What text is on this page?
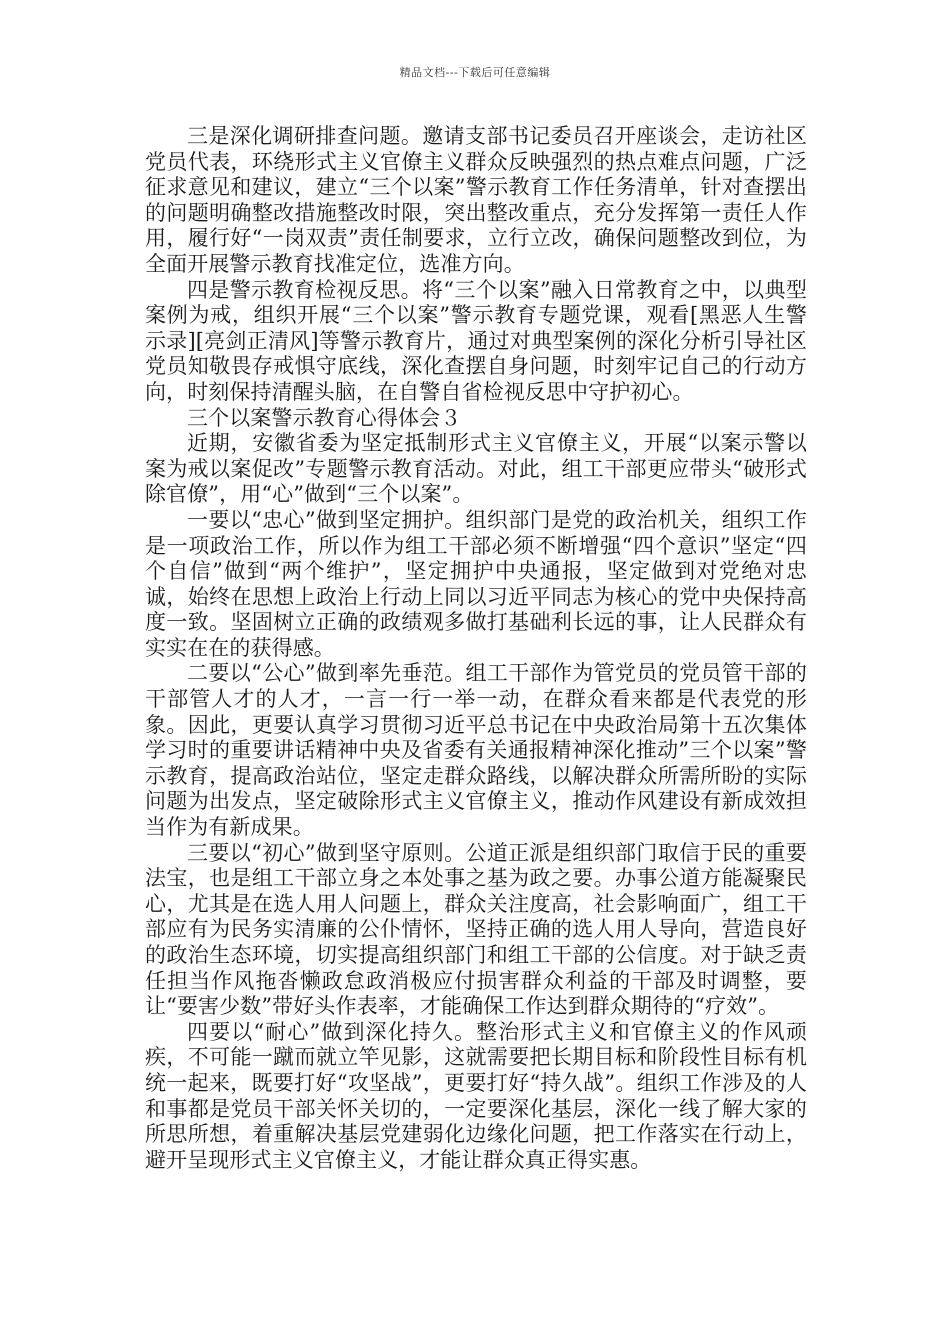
精品文档---下载后可任意编辑

三是深化调研排查问题。邀请支部书记委员召开座谈会，走访社区党员代表，环绕形式主义官僚主义群众反映强烈的热点难点问题，广泛征求意见和建议，建立“三个以案”警示教育工作任务清单，针对查摆出的问题明确整改措施整改时限，突出整改重点，充分发挥第一责任人作用，履行好“一岗双责”责任制要求，立行立改，确保问题整改到位，为全面开展警示教育找准定位，选准方向。

四是警示教育检视反思。将“三个以案”融入日常教育之中，以典型案例为戒，组织开展“三个以案”警示教育专题党课，观看[黑恶人生警示录][亮剑正清风]等警示教育片，通过对典型案例的深化分析引导社区党员知敬畏存戒惧守底线，深化查摆自身问题，时刻牢记自己的行动方向，时刻保持清醒头脑，在自警自省检视反思中守护初心。

三个以案警示教育心得体会３

近期，安徽省委为坚定抵制形式主义官僚主义，开展“以案示警以案为戒以案促改”专题警示教育活动。对此，组工干部更应带头“破形式除官僚”，用“心”做到“三个以案”。

一要以“忠心”做到坚定拥护。组织部门是党的政治机关，组织工作是一项政治工作，所以作为组工干部必须不断增强“四个意识”坚定“四个自信”做到“两个维护”，坚定拥护中央通报，坚定做到对党绝对忠诚，始终在思想上政治上行动上同以习近平同志为核心的党中央保持高度一致。坚固树立正确的政绩观多做打基础利长远的事，让人民群众有实实在在的获得感。

二要以“公心”做到率先垂范。组工干部作为管党员的党员管干部的干部管人才的人才，一言一行一举一动，在群众看来都是代表党的形象。因此，更要认真学习贯彻习近平总书记在中央政治局第十五次集体学习时的重要讲话精神中央及省委有关通报精神深化推动”三个以案”警示教育，提高政治站位，坚定走群众路线，以解决群众所需所盼的实际问题为出发点，坚定破除形式主义官僚主义，推动作风建设有新成效担当作为有新成果。

三要以“初心”做到坚守原则。公道正派是组织部门取信于民的重要法宝，也是组工干部立身之本处事之基为政之要。办事公道方能凝聚民心，尤其是在选人用人问题上，群众关注度高，社会影响面广，组工干部应有为民务实清廉的公仆情怀，坚持正确的选人用人导向，营造良好的政治生态环境，切实提高组织部门和组工干部的公信度。对于缺乏责任担当作风拖沓懒政怠政消极应付损害群众利益的干部及时调整，要让“要害少数”带好头作表率，才能确保工作达到群众期待的“疗效”。

四要以“耐心”做到深化持久。整治形式主义和官僚主义的作风顽疾，不可能一蹴而就立竿见影，这就需要把长期目标和阶段性目标有机统一起来，既要打好“攻坚战”，更要打好“持久战”。组织工作涉及的人和事都是党员干部关怀关切的，一定要深化基层，深化一线了解大家的所思所想，着重解决基层党建弱化边缘化问题，把工作落实在行动上，避开呈现形式主义官僚主义，才能让群众真正得实惠。
